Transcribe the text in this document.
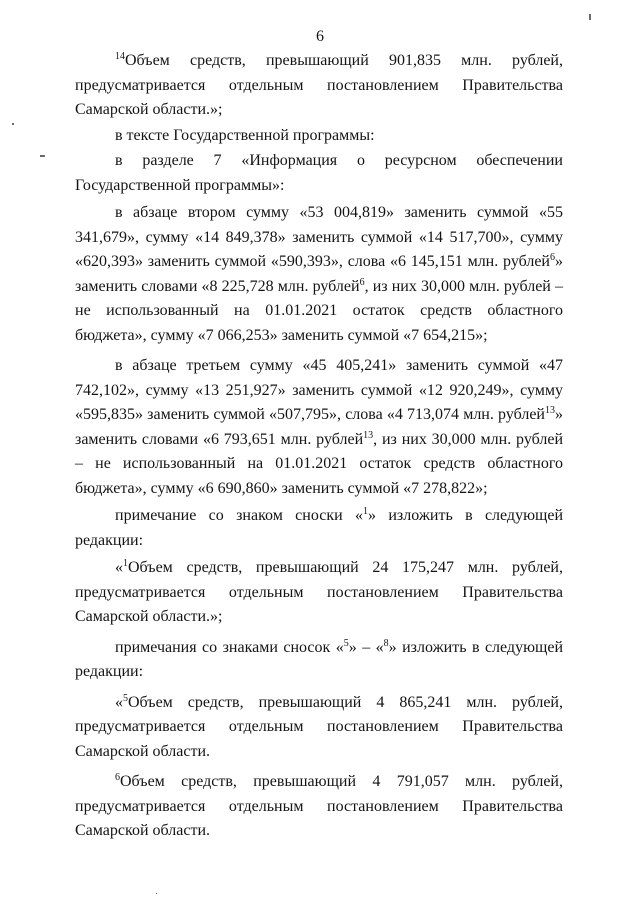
6

$^{14}$Объем средств, превышающий 901,835 млн. рублей, предусматривается отдельным постановлением Правительства Самарской области.»;

в тексте Государственной программы:

в разделе 7 «Информация о ресурсном обеспечении Государственной программы»:

в абзаце втором сумму «53 004,819» заменить суммой «55 341,679», сумму «14 849,378» заменить суммой «14 517,700», сумму «620,393» заменить суммой «590,393», слова «6 145,151 млн. рублей$^6$» заменить словами «8 225,728 млн. рублей$^6$, из них 30,000 млн. рублей – не использованный на 01.01.2021 остаток средств областного бюджета», сумму «7 066,253» заменить суммой «7 654,215»;

в абзаце третьем сумму «45 405,241» заменить суммой «47 742,102», сумму «13 251,927» заменить суммой «12 920,249», сумму «595,835» заменить суммой «507,795», слова «4 713,074 млн. рублей$^{13}$» заменить словами «6 793,651 млн. рублей$^{13}$, из них 30,000 млн. рублей – не использованный на 01.01.2021 остаток средств областного бюджета», сумму «6 690,860» заменить суммой «7 278,822»;

примечание со знаком сноски «$^1$» изложить в следующей редакции:

«$^1$Объем средств, превышающий 24 175,247 млн. рублей, предусматривается отдельным постановлением Правительства Самарской области.»;

примечания со знаками сносок «$^5$» – «$^8$» изложить в следующей редакции:

«$^5$Объем средств, превышающий 4 865,241 млн. рублей, предусматривается отдельным постановлением Правительства Самарской области.

$^6$Объем средств, превышающий 4 791,057 млн. рублей, предусматривается отдельным постановлением Правительства Самарской области.
